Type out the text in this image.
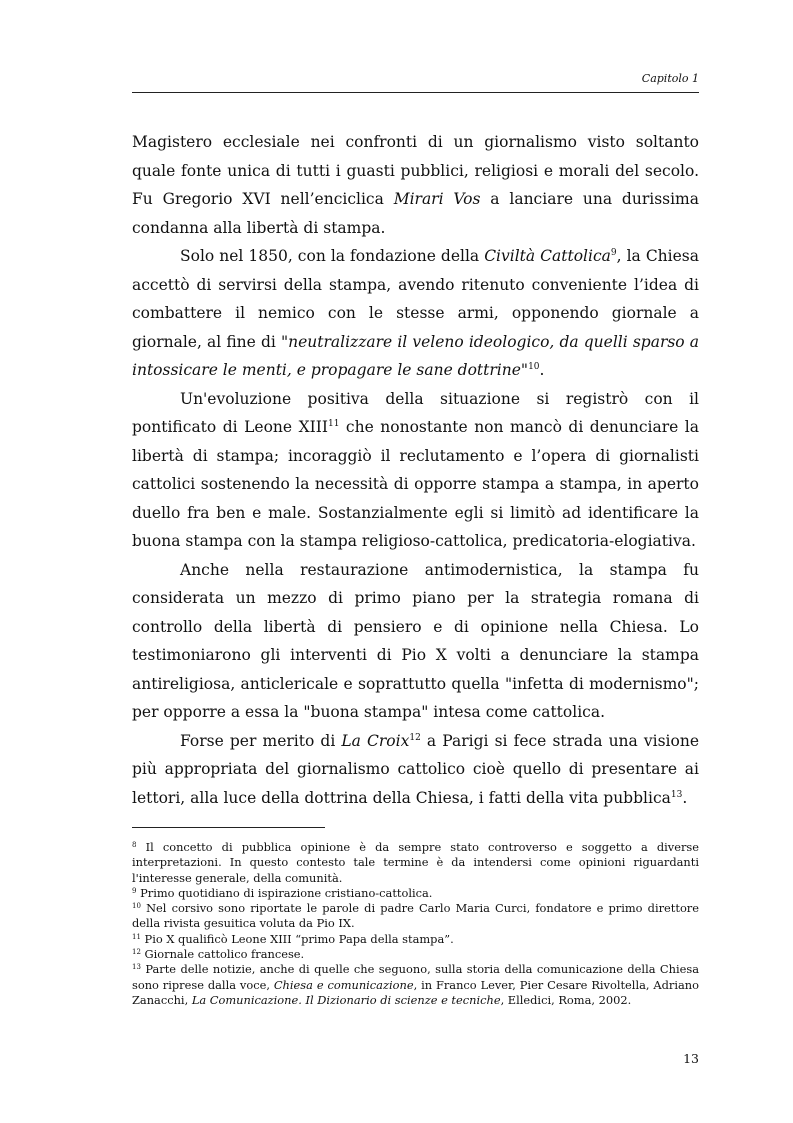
Capitolo 1

Magistero ecclesiale nei confronti di un giornalismo visto soltanto quale fonte unica di tutti i guasti pubblici, religiosi e morali del secolo. Fu Gregorio XVI nell’enciclica Mirari Vos a lanciare una durissima condanna alla libertà di stampa.

Solo nel 1850, con la fondazione della Civiltà Cattolica$^9$, la Chiesa accettò di servirsi della stampa, avendo ritenuto conveniente l’idea di combattere il nemico con le stesse armi, opponendo giornale a giornale, al fine di "neutralizzare il veleno ideologico, da quelli sparso a intossicare le menti, e propagare le sane dottrine"$^{10}$.

Un'evoluzione positiva della situazione si registrò con il pontificato di Leone XIII$^{11}$ che nonostante non mancò di denunciare la libertà di stampa; incoraggiò il reclutamento e l’opera di giornalisti cattolici sostenendo la necessità di opporre stampa a stampa, in aperto duello fra ben e male. Sostanzialmente egli si limitò ad identificare la buona stampa con la stampa religioso-cattolica, predicatoria-elogiativa.

Anche nella restaurazione antimodernistica, la stampa fu considerata un mezzo di primo piano per la strategia romana di controllo della libertà di pensiero e di opinione nella Chiesa. Lo testimoniarono gli interventi di Pio X volti a denunciare la stampa antireligiosa, anticlericale e soprattutto quella "infetta di modernismo"; per opporre a essa la "buona stampa" intesa come cattolica.

Forse per merito di La Croix$^{12}$ a Parigi si fece strada una visione più appropriata del giornalismo cattolico cioè quello di presentare ai lettori, alla luce della dottrina della Chiesa, i fatti della vita pubblica$^{13}$.

$^8$ Il concetto di pubblica opinione è da sempre stato controverso e soggetto a diverse interpretazioni. In questo contesto tale termine è da intendersi come opinioni riguardanti l'interesse generale, della comunità.

$^9$ Primo quotidiano di ispirazione cristiano-cattolica.

$^{10}$ Nel corsivo sono riportate le parole di padre Carlo Maria Curci, fondatore e primo direttore della rivista gesuitica voluta da Pio IX.

$^{11}$ Pio X qualificò Leone XIII “primo Papa della stampa”.

$^{12}$ Giornale cattolico francese.

$^{13}$ Parte delle notizie, anche di quelle che seguono, sulla storia della comunicazione della Chiesa sono riprese dalla voce, Chiesa e comunicazione, in Franco Lever, Pier Cesare Rivoltella, Adriano Zanacchi, La Comunicazione. Il Dizionario di scienze e tecniche, Elledici, Roma, 2002.

13
